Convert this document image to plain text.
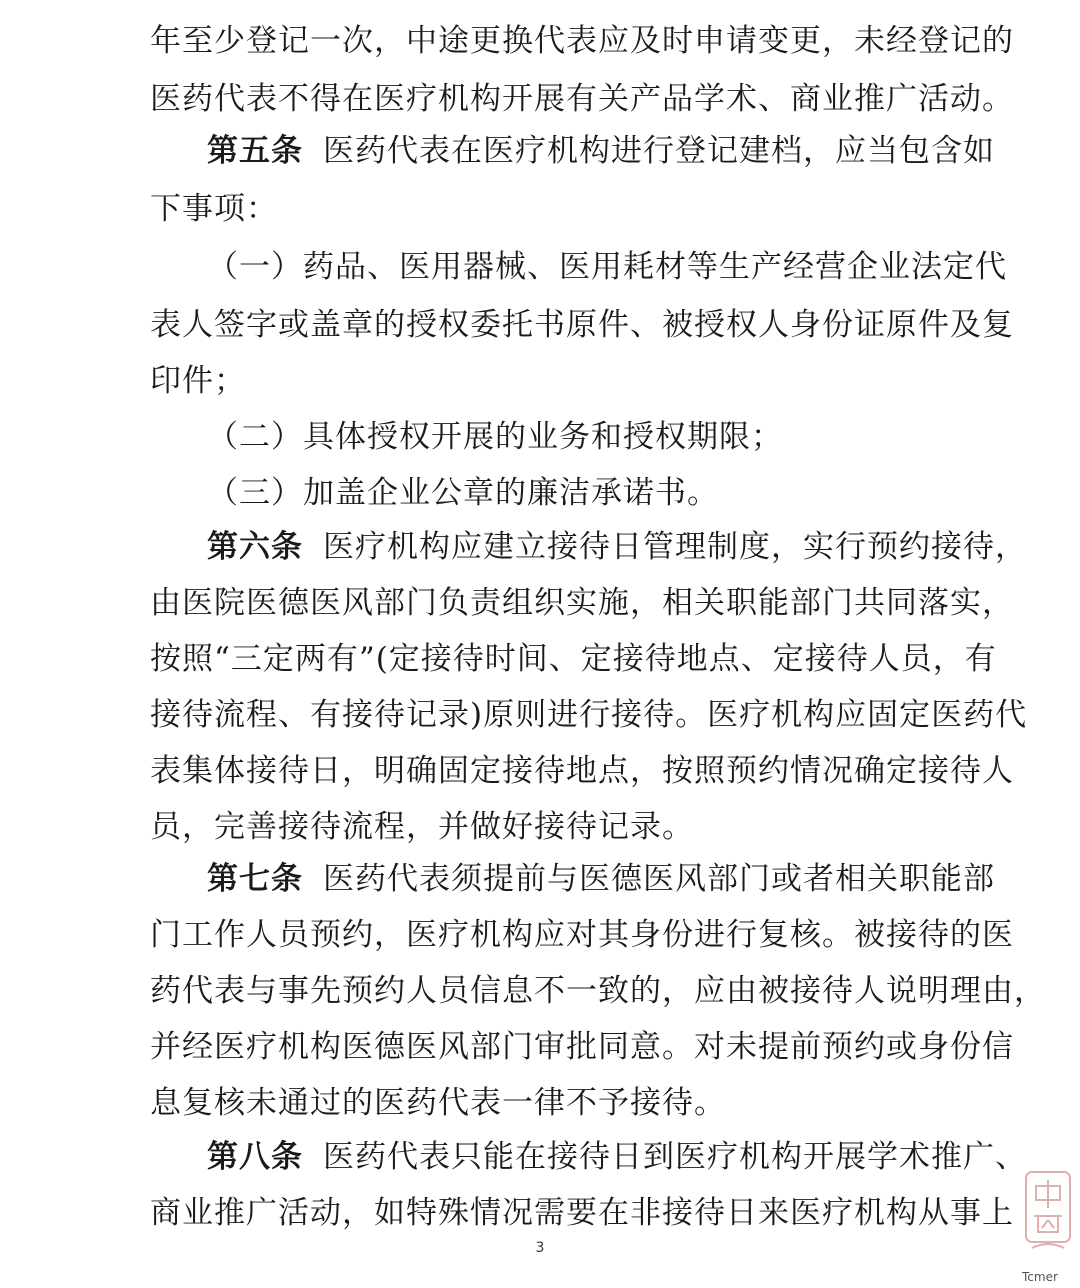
年至少登记一次，中途更换代表应及时申请变更，未经登记的
医药代表不得在医疗机构开展有关产品学术、商业推广活动。
第五条 医药代表在医疗机构进行登记建档，应当包含如
下事项：
（一）药品、医用器械、医用耗材等生产经营企业法定代
表人签字或盖章的授权委托书原件、被授权人身份证原件及复
印件；
（二）具体授权开展的业务和授权期限；
（三）加盖企业公章的廉洁承诺书。
第六条 医疗机构应建立接待日管理制度，实行预约接待，
由医院医德医风部门负责组织实施，相关职能部门共同落实，
按照“三定两有”(定接待时间、定接待地点、定接待人员，有
接待流程、有接待记录)原则进行接待。医疗机构应固定医药代
表集体接待日，明确固定接待地点，按照预约情况确定接待人
员，完善接待流程，并做好接待记录。
第七条 医药代表须提前与医德医风部门或者相关职能部
门工作人员预约，医疗机构应对其身份进行复核。被接待的医
药代表与事先预约人员信息不一致的，应由被接待人说明理由，
并经医疗机构医德医风部门审批同意。对未提前预约或身份信
息复核未通过的医药代表一律不予接待。
第八条 医药代表只能在接待日到医疗机构开展学术推广、
商业推广活动，如特殊情况需要在非接待日来医疗机构从事上
3
Tcmer
